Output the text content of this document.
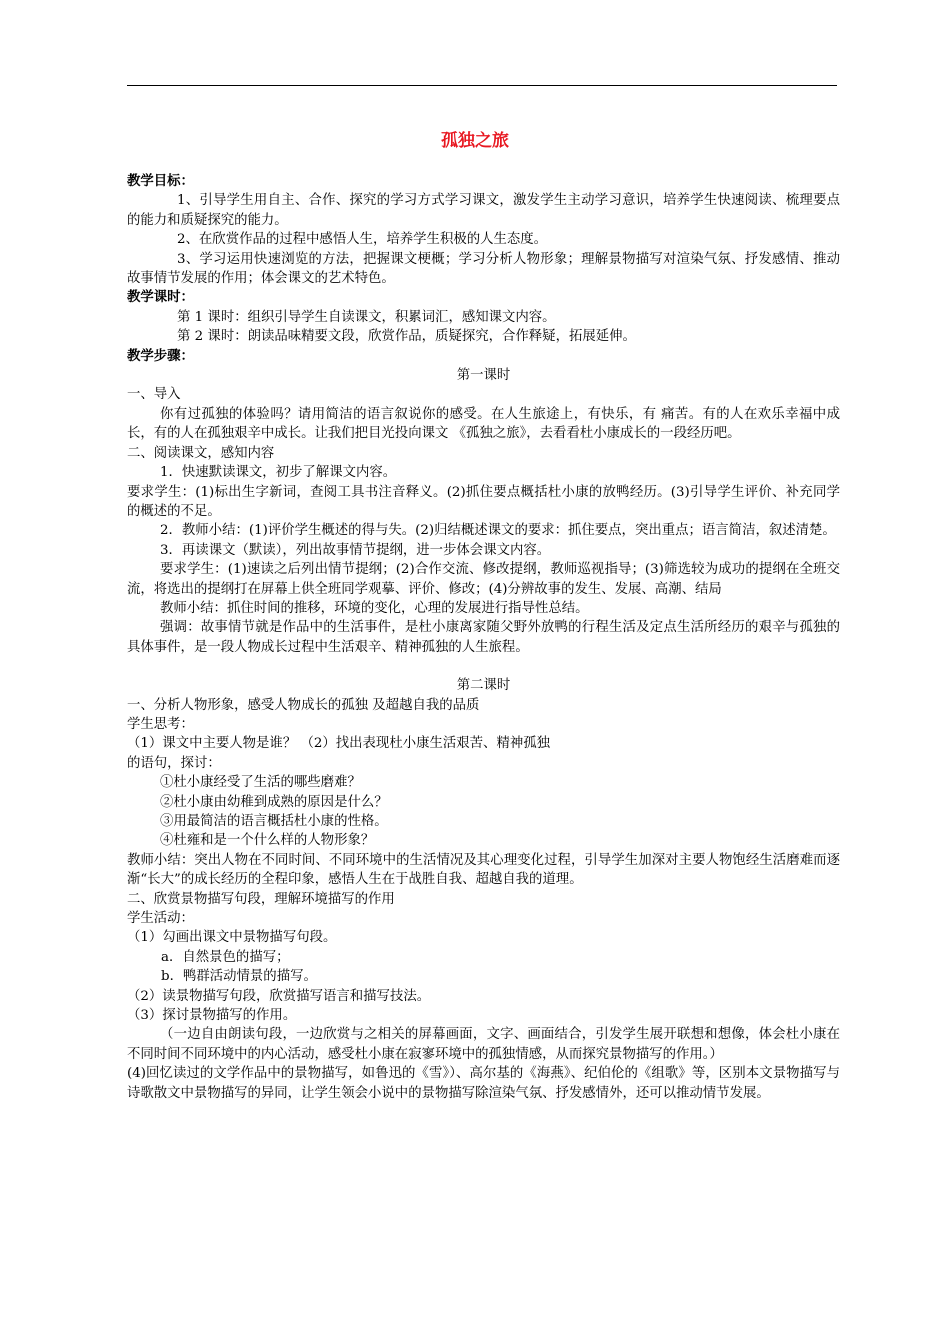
孤独之旅

教学目标：

1、引导学生用自主、合作、探究的学习方式学习课文，激发学生主动学习意识，培养学生快速阅读、梳理要点的能力和质疑探究的能力。

2、在欣赏作品的过程中感悟人生，培养学生积极的人生态度。

3、学习运用快速浏览的方法，把握课文梗概；学习分析人物形象；理解景物描写对渲染气氛、抒发感情、推动故事情节发展的作用；体会课文的艺术特色。

教学课时：

第 1 课时：组织引导学生自读课文，积累词汇，感知课文内容。

第 2 课时：朗读品味精要文段，欣赏作品，质疑探究，合作释疑，拓展延伸。

教学步骤：

第一课时

一、导入

你有过孤独的体验吗？请用简洁的语言叙说你的感受。在人生旅途上，有快乐，有 痛苦。有的人在欢乐幸福中成长，有的人在孤独艰辛中成长。让我们把目光投向课文 《孤独之旅》，去看看杜小康成长的一段经历吧。

二、阅读课文，感知内容

1．快速默读课文，初步了解课文内容。

要求学生：(1)标出生字新词，查阅工具书注音释义。(2)抓住要点概括杜小康的放鸭经历。(3)引导学生评价、补充同学的概述的不足。

2．教师小结：(1)评价学生概述的得与失。(2)归结概述课文的要求：抓住要点，突出重点；语言简洁，叙述清楚。

3．再读课文（默读），列出故事情节提纲，进一步体会课文内容。

要求学生：(1)速读之后列出情节提纲；(2)合作交流、修改提纲，教师巡视指导；(3)筛选较为成功的提纲在全班交流，将选出的提纲打在屏幕上供全班同学观摹、评价、修改；(4)分辨故事的发生、发展、高潮、结局

教师小结：抓住时间的推移，环境的变化，心理的发展进行指导性总结。

强调：故事情节就是作品中的生活事件，是杜小康离家随父野外放鸭的行程生活及定点生活所经历的艰辛与孤独的具体事件，是一段人物成长过程中生活艰辛、精神孤独的人生旅程。

第二课时

一、分析人物形象，感受人物成长的孤独 及超越自我的品质

学生思考：

（1）课文中主要人物是谁？ （2）找出表现杜小康生活艰苦、精神孤独

的语句，探讨：

①杜小康经受了生活的哪些磨难？

②杜小康由幼稚到成熟的原因是什么？

③用最简洁的语言概括杜小康的性格。

④杜雍和是一个什么样的人物形象？

教师小结：突出人物在不同时间、不同环境中的生活情况及其心理变化过程，引导学生加深对主要人物饱经生活磨难而逐渐“长大”的成长经历的全程印象，感悟人生在于战胜自我、超越自我的道理。

二、欣赏景物描写句段，理解环境描写的作用

学生活动：

（1）勾画出课文中景物描写句段。

a．自然景色的描写；

b．鸭群活动情景的描写。

（2）读景物描写句段，欣赏描写语言和描写技法。

（3）探讨景物描写的作用。

（一边自由朗读句段，一边欣赏与之相关的屏幕画面，文字、画面结合，引发学生展开联想和想像，体会杜小康在不同时间不同环境中的内心活动，感受杜小康在寂寥环境中的孤独情感，从而探究景物描写的作用。）

(4)回忆读过的文学作品中的景物描写，如鲁迅的《雪》）、高尔基的《海燕》、纪伯伦的《组歌》等，区别本文景物描写与诗歌散文中景物描写的异同，让学生领会小说中的景物描写除渲染气氛、抒发感情外，还可以推动情节发展。
